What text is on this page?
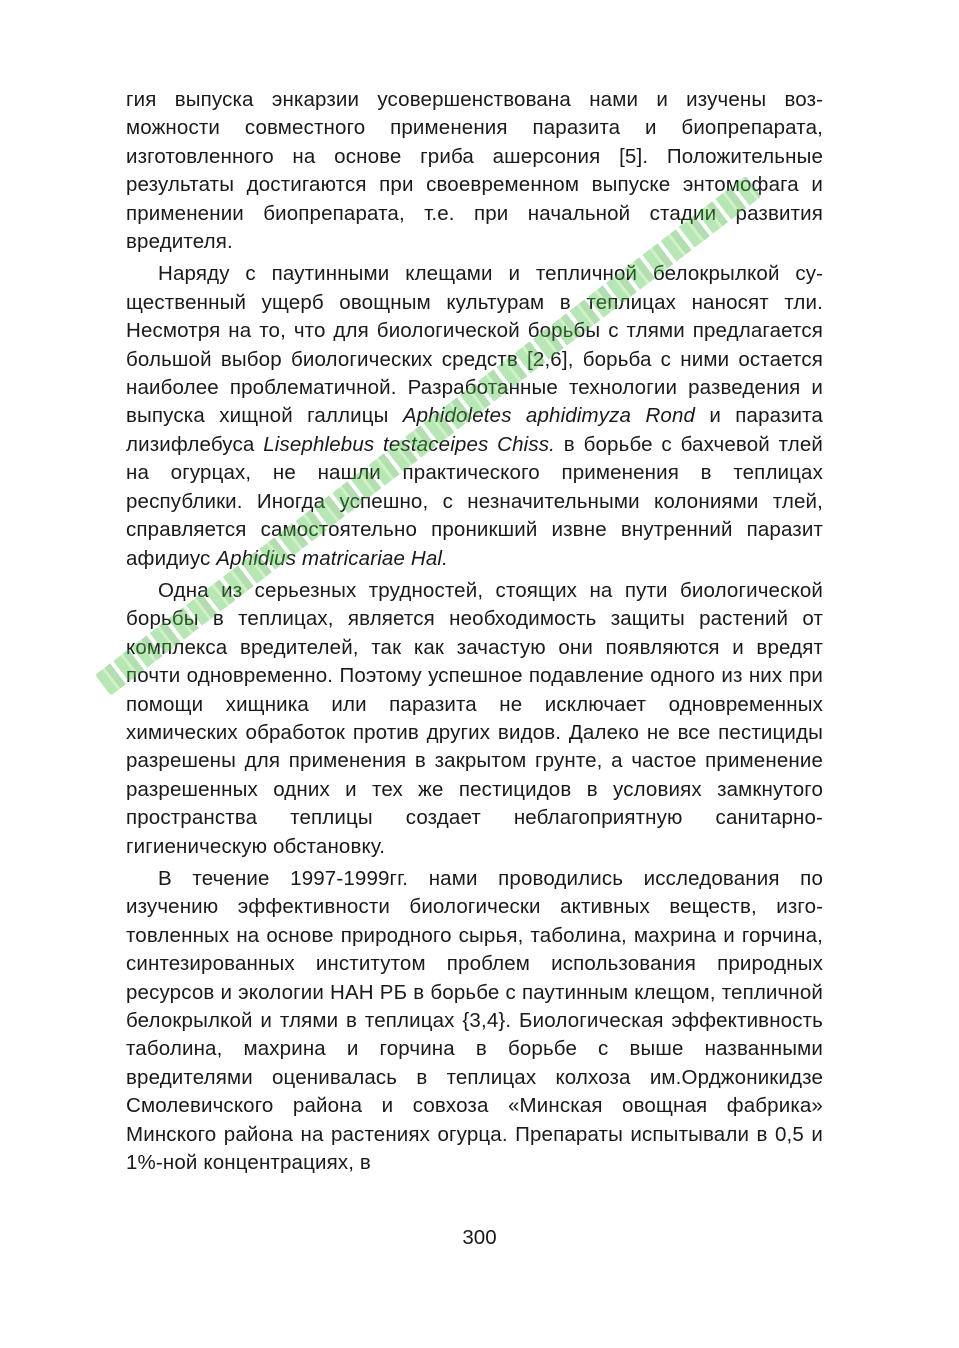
гия выпуска энкарзии усовершенствована нами и изучены возможности совместного применения паразита и биопрепарата, изготовленного на основе гриба ашерсония [5]. Положительные результаты достигаются при своевременном выпуске энтомофага и применении биопрепарата, т.е. при начальной стадии развития вредителя.

Наряду с паутинными клещами и тепличной белокрылкой существенный ущерб овощным культурам в теплицах наносят тли. Несмотря на то, что для биологической борьбы с тлями предлагается большой выбор биологических средств [2,6], борьба с ними остается наиболее проблематичной. Разработанные технологии разведения и выпуска хищной галлицы Aphidoletes aphidimyza Rond и паразита лизифлебуса Lisephlebus testaceipes Chiss. в борьбе с бахчевой тлей на огурцах, не нашли практического применения в теплицах республики. Иногда успешно, с незначительными колониями тлей, справляется самостоятельно проникший извне внутренний паразит афидиус Aphidius matricariae Hal.

Одна из серьезных трудностей, стоящих на пути биологической борьбы в теплицах, является необходимость защиты растений от комплекса вредителей, так как зачастую они появляются и вредят почти одновременно. Поэтому успешное подавление одного из них при помощи хищника или паразита не исключает одновременных химических обработок против других видов. Далеко не все пестициды разрешены для применения в закрытом грунте, а частое применение разрешенных одних и тех же пестицидов в условиях замкнутого пространства теплицы создает неблагоприятную санитарно-гигиеническую обстановку.

В течение 1997-1999гг. нами проводились исследования по изучению эффективности биологически активных веществ, изготовленных на основе природного сырья, таболина, махрина и горчина, синтезированных институтом проблем использования природных ресурсов и экологии НАН РБ в борьбе с паутинным клещом, тепличной белокрылкой и тлями в теплицах {3,4}. Биологическая эффективность таболина, махрина и горчина в борьбе с выше названными вредителями оценивалась в теплицах колхоза им.Орджоникидзе Смолевичского района и совхоза «Минская овощная фабрика» Минского района на растениях огурца. Препараты испытывали в 0,5 и 1%-ной концентрациях, в

300
